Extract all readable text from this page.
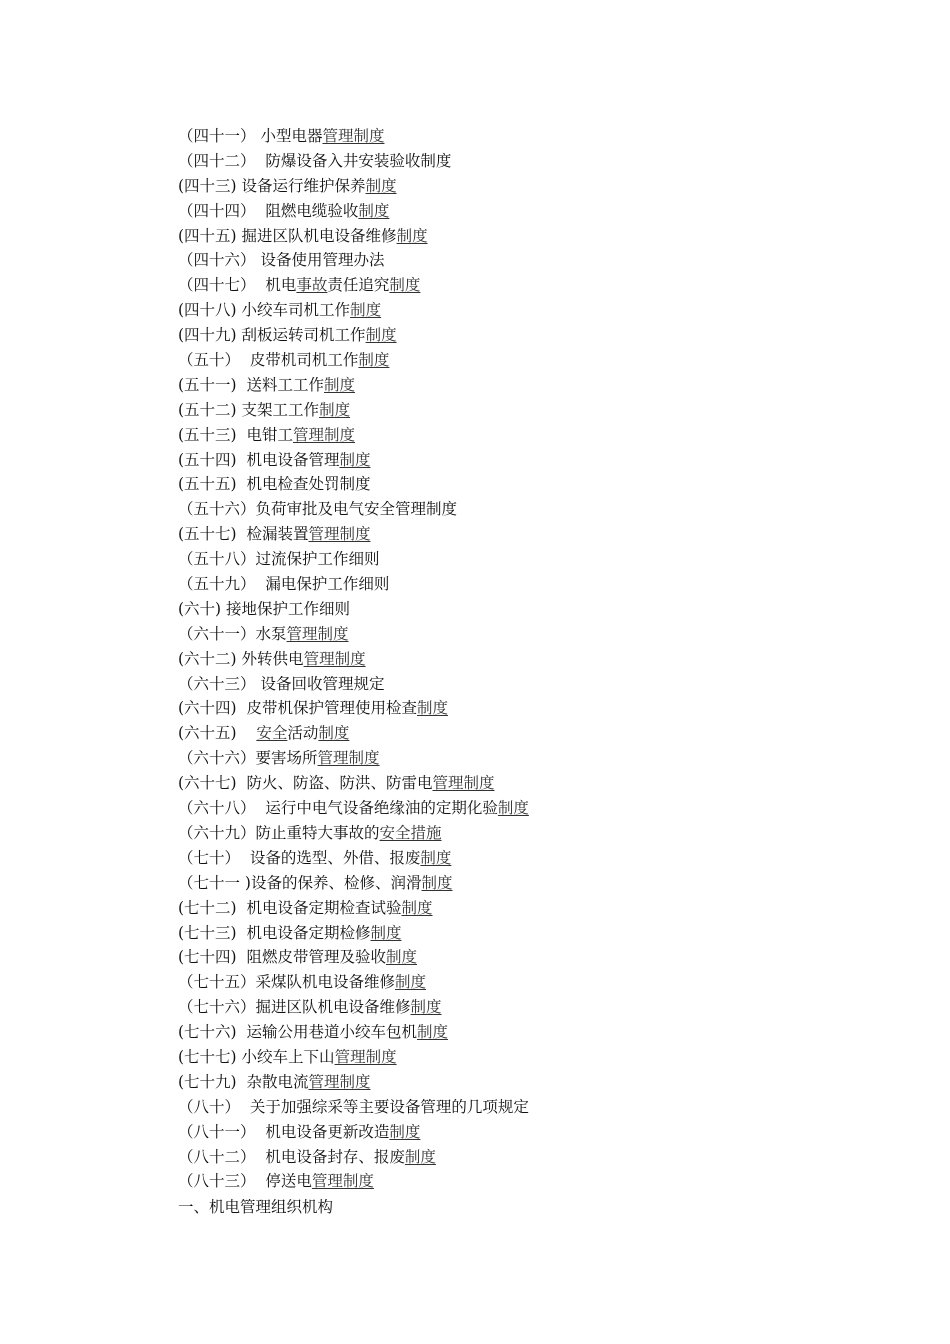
（四十一） 小型电器管理制度
（四十二） 防爆设备入井安装验收制度
(四十三) 设备运行维护保养制度
（四十四） 阻燃电缆验收制度
(四十五) 掘进区队机电设备维修制度
（四十六） 设备使用管理办法
（四十七） 机电事故责任追究制度
(四十八) 小绞车司机工作制度
(四十九) 刮板运转司机工作制度
（五十） 皮带机司机工作制度
(五十一) 送料工工作制度
(五十二) 支架工工作制度
(五十三) 电钳工管理制度
(五十四) 机电设备管理制度
(五十五) 机电检查处罚制度
（五十六）负荷审批及电气安全管理制度
(五十七) 检漏装置管理制度
（五十八）过流保护工作细则
（五十九） 漏电保护工作细则
(六十) 接地保护工作细则
（六十一）水泵管理制度
(六十二) 外转供电管理制度
（六十三） 设备回收管理规定
(六十四) 皮带机保护管理使用检查制度
(六十五) 安全活动制度
（六十六）要害场所管理制度
(六十七) 防火、防盗、防洪、防雷电管理制度
（六十八） 运行中电气设备绝缘油的定期化验制度
（六十九）防止重特大事故的安全措施
（七十） 设备的选型、外借、报废制度
（七十一 )设备的保养、检修、润滑制度
(七十二) 机电设备定期检查试验制度
(七十三) 机电设备定期检修制度
(七十四) 阻燃皮带管理及验收制度
（七十五）采煤队机电设备维修制度
（七十六）掘进区队机电设备维修制度
(七十六) 运输公用巷道小绞车包机制度
(七十七) 小绞车上下山管理制度
(七十九) 杂散电流管理制度
（八十） 关于加强综采等主要设备管理的几项规定
（八十一） 机电设备更新改造制度
（八十二） 机电设备封存、报废制度
（八十三） 停送电管理制度
一、机电管理组织机构
